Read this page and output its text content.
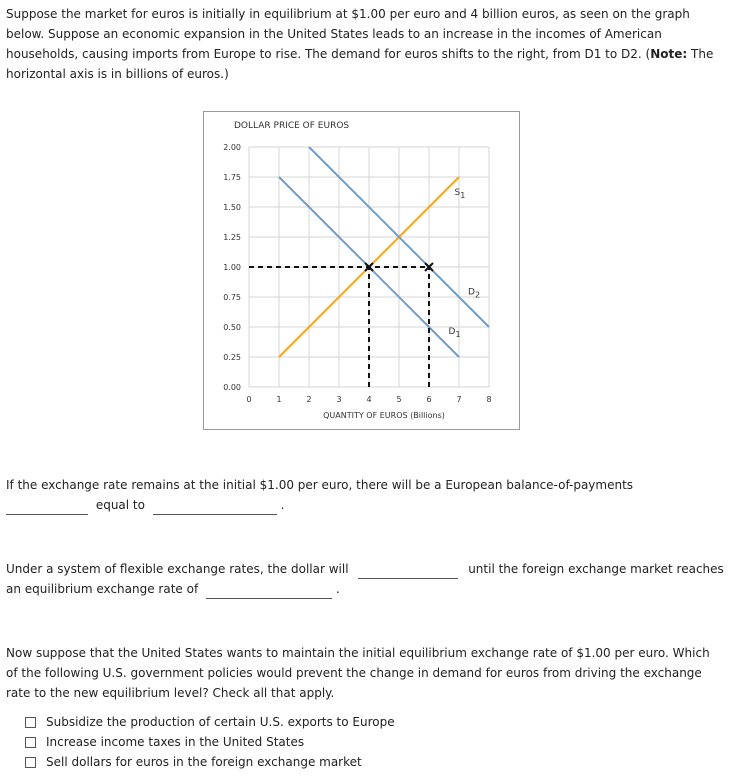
Suppose the market for euros is initially in equilibrium at $1.00 per euro and 4 billion euros, as seen on the graph below. Suppose an economic expansion in the United States leads to an increase in the incomes of American households, causing imports from Europe to rise. The demand for euros shifts to the right, from D1 to D2. (Note: The horizontal axis is in billions of euros.)
DOLLAR PRICE OF EUROS
0.00
0.25
0.50
0.75
1.00
1.25
1.50
1.75
2.00
0	1	2	3	4	5	6	7	8
QUANTITY OF EUROS (Billions)
S1
D2
D1
If the exchange rate remains at the initial $1.00 per euro, there will be a European balance-of-payments
equal to	.
Under a system of flexible exchange rates, the dollar will	until the foreign exchange market reaches
an equilibrium exchange rate of	.
Now suppose that the United States wants to maintain the initial equilibrium exchange rate of $1.00 per euro. Which of the following U.S. government policies would prevent the change in demand for euros from driving the exchange rate to the new equilibrium level? Check all that apply.
Subsidize the production of certain U.S. exports to Europe
Increase income taxes in the United States
Sell dollars for euros in the foreign exchange market
